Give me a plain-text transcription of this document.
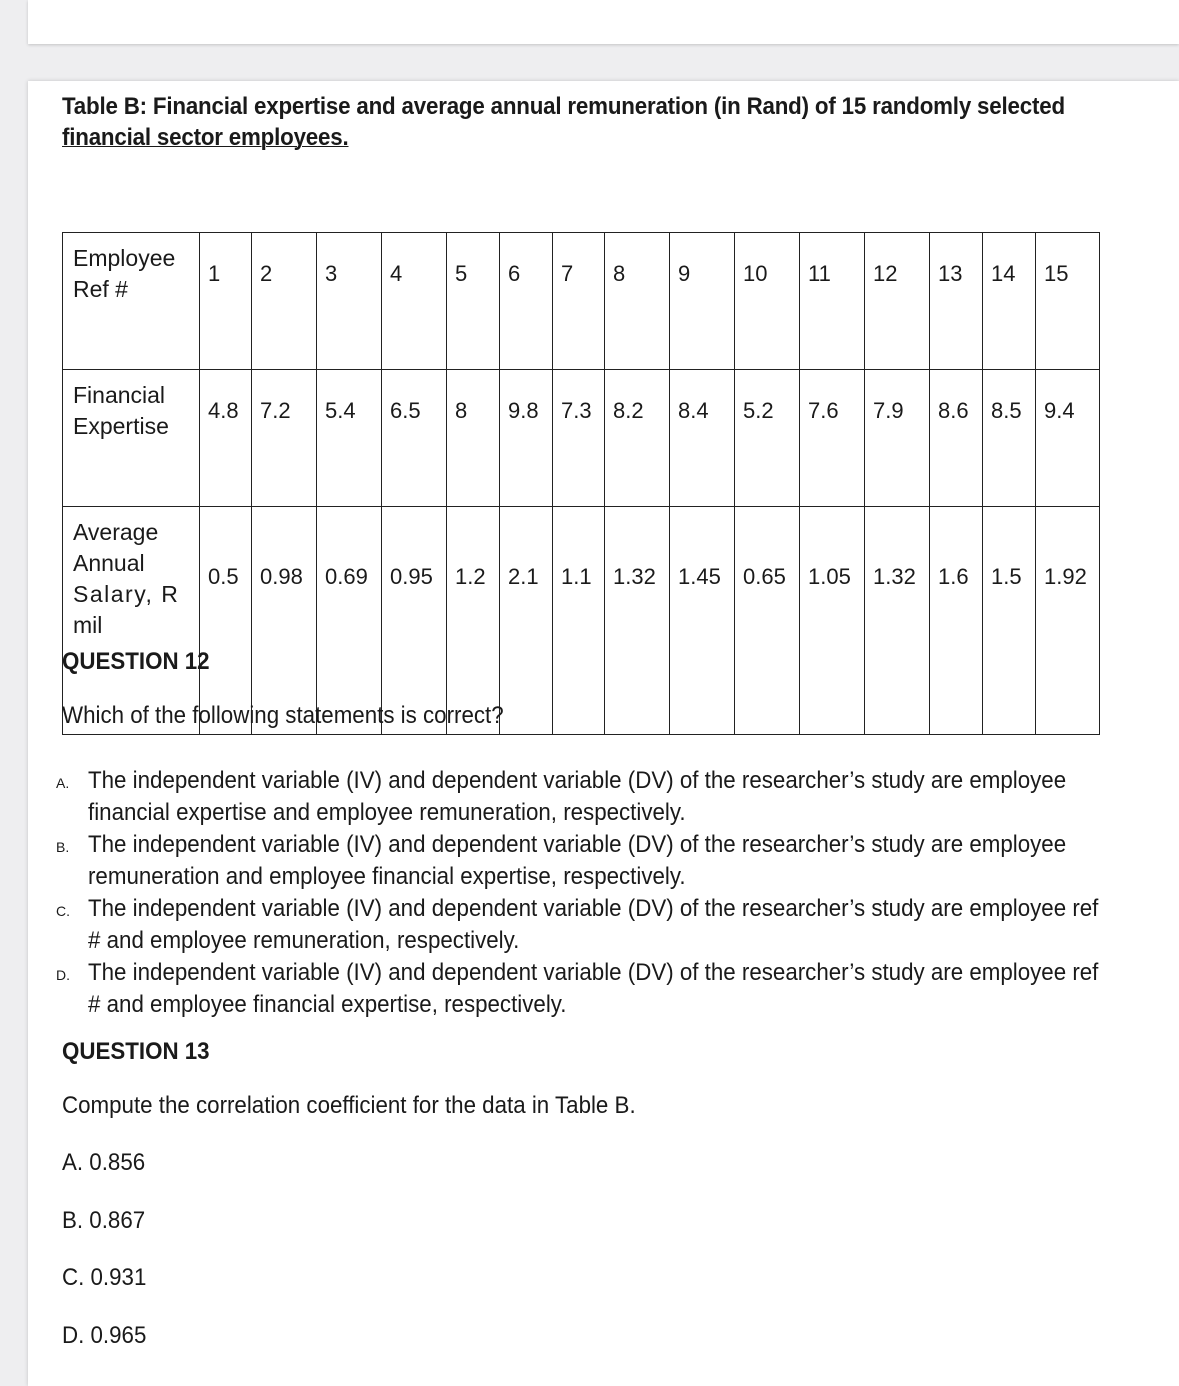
Table B: Financial expertise and average annual remuneration (in Rand) of 15 randomly selected
financial sector employees.
Employee Ref #	1	2	3	4	5	6	7	8	9	10	11	12	13	14	15
Financial Expertise	4.8	7.2	5.4	6.5	8	9.8	7.3	8.2	8.4	5.2	7.6	7.9	8.6	8.5	9.4
Average Annual
Salary, R
mil	0.5	0.98	0.69	0.95	1.2	2.1	1.1	1.32	1.45	0.65	1.05	1.32	1.6	1.5	1.92
QUESTION 12
Which of the following statements is correct?
A. The independent variable (IV) and dependent variable (DV) of the researcher’s study are employee
financial expertise and employee remuneration, respectively.
B. The independent variable (IV) and dependent variable (DV) of the researcher’s study are employee
remuneration and employee financial expertise, respectively.
C. The independent variable (IV) and dependent variable (DV) of the researcher’s study are employee ref
# and employee remuneration, respectively.
D. The independent variable (IV) and dependent variable (DV) of the researcher’s study are employee ref
# and employee financial expertise, respectively.
QUESTION 13
Compute the correlation coefficient for the data in Table B.
A. 0.856
B. 0.867
C. 0.931
D. 0.965
